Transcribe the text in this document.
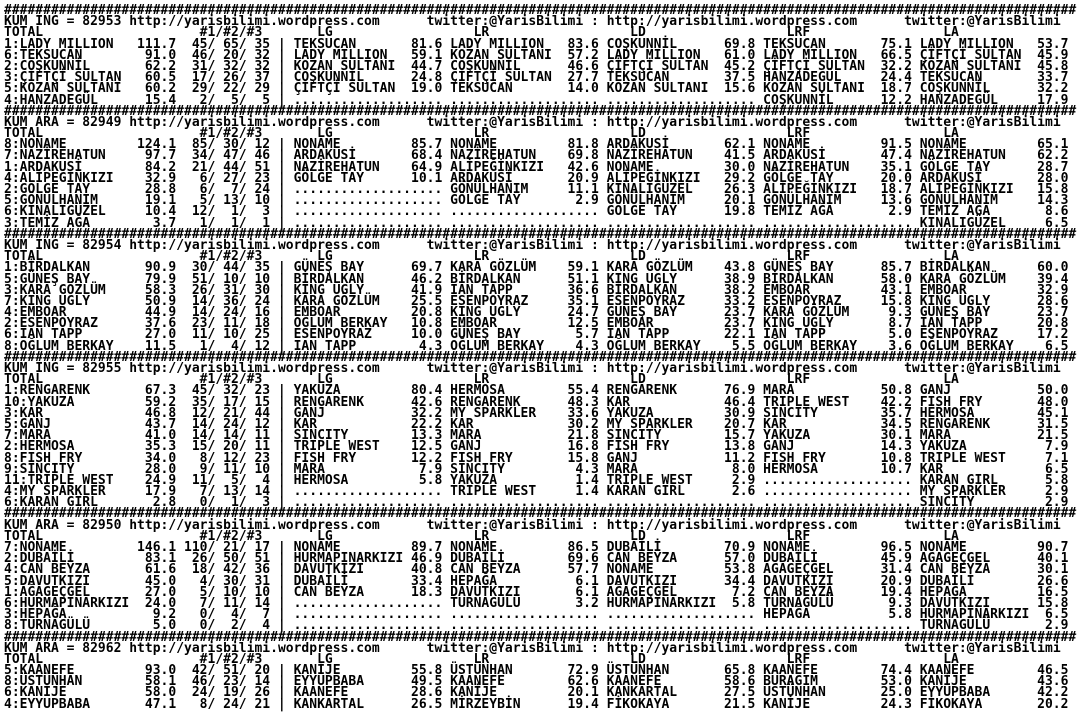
#########################################################################################################################################
KUM ING = 82953 http://yarisbilimi.wordpress.com	twitter:@YarisBilimi : http://yarisbilimi.wordpress.com	twitter:@YarisBilimi
TOTAL                    #1/#2/#3       LG                  LR                  LD                  LRF                 LA
1:LADY MILLION   111.7  45/ 65/ 35 | TEKSUCAN       81.6 LADY MILLION   83.6 COŞKUNNİL      69.8 TEKSUCAN       75.1 LADY MILLION   53.7
6:TEKSUCAN        91.0  46/ 20/ 32 | LADY MILLION   59.1 KOZAN SULTANI  57.2 LADY MILLION   61.0 LADY MILLION   66.5 ÇİFTÇİ SULTAN  45.9
2:COŞKUNNİL       62.2  31/ 32/ 32 | KOZAN SULTANI  44.7 COŞKUNNİL      46.6 ÇİFTÇİ SULTAN  45.2 ÇİFTÇİ SULTAN  32.2 KOZAN SULTANI  45.8
3:ÇİFTÇİ SULTAN   60.5  17/ 26/ 37 | COŞKUNNİL      24.8 ÇİFTÇİ SULTAN  27.7 TEKSUCAN       37.5 HANZADEGÜL     24.4 TEKSUCAN       33.7
5:KOZAN SULTANI   60.2  29/ 22/ 29 | ÇİFTÇİ SULTAN  19.0 TEKSUCAN       14.0 KOZAN SULTANI  15.6 KOZAN SULTANI  18.7 COŞKUNNİL      32.2
4:HANZADEGÜL      15.4   2/  5/  5 | ................... ................... ................... COŞKUNNİL      12.2 HANZADEGÜL     17.9
#########################################################################################################################################
KUM ARA = 82949 http://yarisbilimi.wordpress.com	twitter:@YarisBilimi : http://yarisbilimi.wordpress.com	twitter:@YarisBilimi
TOTAL                    #1/#2/#3       LG                  LR                  LD                  LRF                 LA
8:NONAME         124.1  85/ 30/ 12 | NONAME         85.7 NONAME         81.8 ARDAKUSİ       62.1 NONAME         91.5 NONAME         65.1
7:NAZİREHATUN     97.7  34/ 47/ 46 | ARDAKUSİ       68.4 NAZİREHATUN    69.8 NAZİREHATUN    41.5 ARDAKUSİ       47.4 NAZİREHATUN    62.2
1:ARDAKUSİ        84.2  21/ 44/ 51 | NAZİREHATUN    64.9 ALİPEĞİNKIZI   42.6 NONAME         30.0 NAZİREHATUN    35.1 GÖLGE TAY      28.7
4:ALİPEĞİNKIZI    32.9   6/ 27/ 23 | GÖLGE TAY      10.1 ARDAKUSİ       20.9 ALİPEĞİNKIZI   29.2 GÖLGE TAY      20.0 ARDAKUSİ       28.0
2:GÖLGE TAY       28.8   6/  7/ 24 | ................... GÖNÜLHANIM     11.1 KINALIGÜZEL    26.3 ALİPEĞİNKIZI   18.7 ALİPEĞİNKIZI   15.8
5:GÖNÜLHANIM      19.1   5/ 13/ 10 | ................... GÖLGE TAY       2.9 GÖNÜLHANIM     20.1 GÖNÜLHANIM     13.6 GÖNÜLHANIM     14.3
6:KINALIGÜZEL     10.4  12/  1/  3 | ................... ................... GÖLGE TAY      19.8 TEMİZ AĞA       2.9 TEMİZ AĞA       8.6
3:TEMİZ AĞA        3.7   1/  1/  1 | ................... ................... ................... ................... KINALIGÜZEL     6.5
#########################################################################################################################################
KUM ING = 82954 http://yarisbilimi.wordpress.com	twitter:@YarisBilimi : http://yarisbilimi.wordpress.com	twitter:@YarisBilimi
TOTAL                    #1/#2/#3       LG                  LR                  LD                  LRF                 LA
1:BİRDALKAN       90.9  30/ 44/ 35 | GÜNEŞ BAY      69.7 KARA GÖZLÜM    59.1 KARA GÖZLÜM    43.8 GÜNEŞ BAY      85.7 BİRDALKAN      60.0
5:GÜNEŞ BAY       79.9  51/ 10/ 10 | BİRDALKAN      46.2 BİRDALKAN      51.1 KING UGLY      38.9 BİRDALKAN      58.0 KARA GÖZLÜM    39.4
3:KARA GÖZLÜM     58.3  26/ 31/ 30 | KING UGLY      41.9 IAN TAPP       36.6 BİRDALKAN      38.2 EMBOAR         43.1 EMBOAR         32.9
7:KING UGLY       50.9  14/ 36/ 24 | KARA GÖZLÜM    25.5 ESENPOYRAZ     35.1 ESENPOYRAZ     33.2 ESENPOYRAZ     15.8 KING UGLY      28.6
4:EMBOAR          44.9  14/ 24/ 16 | EMBOAR         20.8 KING UGLY      24.7 GÜNEŞ BAY      23.7 KARA GÖZLÜM     9.3 GÜNEŞ BAY      23.7
2:ESENPOYRAZ      37.6  23/ 11/ 18 | OĞLUM BERKAY   10.8 EMBOAR         12.5 EMBOAR         23.7 KING UGLY       8.7 IAN TAPP       20.8
6:IAN TAPP        27.0  11/ 10/ 25 | ESENPOYRAZ     10.0 GÜNEŞ BAY       5.7 IAN TAPP       22.1 IAN TAPP        5.0 ESENPOYRAZ     17.2
8:OĞLUM BERKAY    11.5   1/  4/ 12 | IAN TAPP        4.3 OĞLUM BERKAY    4.3 OĞLUM BERKAY    5.5 OĞLUM BERKAY    3.6 OĞLUM BERKAY    6.5
#########################################################################################################################################
KUM ING = 82955 http://yarisbilimi.wordpress.com	twitter:@YarisBilimi : http://yarisbilimi.wordpress.com	twitter:@YarisBilimi
TOTAL                    #1/#2/#3       LG                  LR                  LD                  LRF                 LA
1:RENGARENK       67.3  45/ 32/ 23 | YAKUZA         80.4 HERMOSA        55.4 RENGARENK      76.9 MARA           50.8 GANJ           50.0
10:YAKUZA         59.2  35/ 17/ 15 | RENGARENK      42.6 RENGARENK      48.3 KAR            46.4 TRIPLE WEST    42.2 FISH FRY       48.0
3:KAR             46.8  12/ 21/ 44 | GANJ           32.2 MY SPARKLER    33.6 YAKUZA         30.9 SINCITY        35.7 HERMOSA        45.1
5:GANJ            43.7  14/ 24/ 12 | KAR            22.2 KAR            30.2 MY SPARKLER    20.7 KAR            34.5 RENGARENK      31.5
7:MARA            41.0  14/ 14/ 11 | SINCITY        13.3 MARA           21.8 SINCITY        15.7 YAKUZA         30.1 MARA           21.5
2:HERMOSA         35.3  15/ 20/ 11 | TRIPLE WEST    12.5 GANJ           16.8 FISH FRY       13.8 GANJ           14.3 YAKUZA          7.9
8:FISH FRY        34.0   8/ 12/ 23 | FISH FRY       12.2 FISH FRY       15.8 GANJ           11.2 FISH FRY       10.8 TRIPLE WEST     7.1
9:SINCITY         28.0   9/ 11/ 10 | MARA            7.9 SINCITY         4.3 MARA            8.0 HERMOSA        10.7 KAR             6.5
11:TRIPLE WEST    24.9  11/  5/  4 | HERMOSA         5.8 YAKUZA          1.4 TRIPLE WEST     2.9 ................... KARAN GIRL      5.8
4:MY SPARKLER     17.9   7/ 13/ 14 | ................... TRIPLE WEST     1.4 KARAN GIRL      2.6 ................... MY SPARKLER     2.9
6:KARAN GIRL       2.8   0/  1/  3 | ................... ................... ................... ................... SINCITY         2.9
#########################################################################################################################################
KUM ARA = 82950 http://yarisbilimi.wordpress.com	twitter:@YarisBilimi : http://yarisbilimi.wordpress.com	twitter:@YarisBilimi
TOTAL                    #1/#2/#3       LG                  LR                  LD                  LRF                 LA
7:NONAME         146.1 110/ 21/ 17 | NONAME         89.7 NONAME         86.5 DUBAİLİ        70.9 NONAME         96.5 NONAME         90.7
2:DUBAİLİ         83.1  26/ 50/ 51 | HURMAPINARKIZI 46.9 DUBAİLİ        69.6 CAN BEYZA      57.0 DUBAİLİ        45.9 AĞAGEÇGEL      40.1
4:CAN BEYZA       61.6  18/ 42/ 36 | DAVUTKIZI      40.8 CAN BEYZA      57.7 NONAME         53.8 AĞAGEÇGEL      31.4 CAN BEYZA      30.1
5:DAVUTKIZI       45.0   4/ 30/ 31 | DUBAİLİ        33.4 HEPAĞA          6.1 DAVUTKIZI      34.4 DAVUTKIZI      20.9 DUBAİLİ        26.6
1:AĞAGEÇGEL       27.0   5/ 10/ 10 | CAN BEYZA      18.3 DAVUTKIZI       6.1 AĞAGEÇGEL       7.2 CAN BEYZA      19.4 HEPAĞA         16.5
6:HURMAPINARKIZI  24.0   7/ 11/ 14 | ................... TURNAGÜLÜ       3.2 HURMAPINARKIZI  5.8 TURNAGÜLÜ       9.3 DAVUTKIZI      15.8
3:HEPAĞA           9.2   0/  4/  7 | ................... ................... ................... HEPAĞA          5.8 HURMAPINARKIZI  6.5
8:TURNAGÜLÜ        5.0   0/  2/  4 | ................... ................... ................... ................... TURNAGÜLÜ       2.9
#########################################################################################################################################
KUM ARA = 82962 http://yarisbilimi.wordpress.com	twitter:@YarisBilimi : http://yarisbilimi.wordpress.com	twitter:@YarisBilimi
TOTAL                    #1/#2/#3       LG                  LR                  LD                  LRF                 LA
5:KAANEFE         93.0  42/ 51/ 20 | KANİJE         55.8 ÜSTÜNHAN       72.9 ÜSTÜNHAN       65.8 KAANEFE        74.4 KAANEFE        46.5
8:ÜSTÜNHAN        58.1  46/ 23/ 14 | EYYUPBABA      49.5 KAANEFE        62.6 KAANEFE        58.6 BURAĞIM        53.0 KANİJE         43.6
6:KANİJE          58.0  24/ 19/ 26 | KAANEFE        28.6 KANİJE         20.1 KANKARTAL      27.5 ÜSTÜNHAN       25.0 EYYUPBABA      42.2
4:EYYUPBABA       47.1   8/ 24/ 21 | KANKARTAL      26.5 MİRZEYBİN      19.4 FİKOKAYA       21.5 KANİJE         24.3 FİKOKAYA       20.2
